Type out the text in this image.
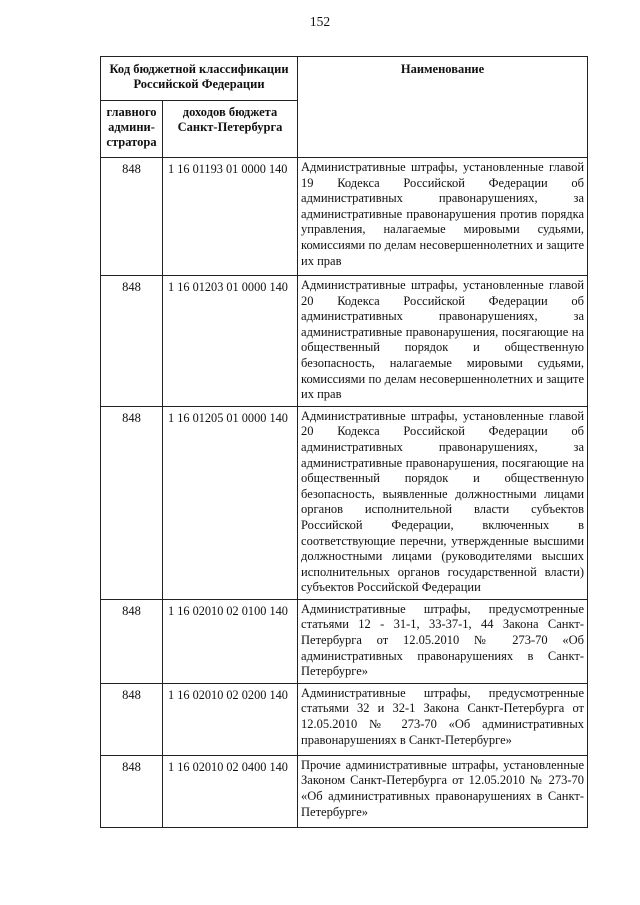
152
Код бюджетной классификации Российской Федерации		Наименование
главного админи-стратора	доходов бюджета Санкт-Петербурга	
848	1 16 01193 01 0000 140	Административные штрафы, установленные главой 19 Кодекса Российской Федерации об административных правонарушениях, за административные правонарушения против порядка управления, налагаемые мировыми судьями, комиссиями по делам несовершеннолетних и защите их прав
848	1 16 01203 01 0000 140	Административные штрафы, установленные главой 20 Кодекса Российской Федерации об административных правонарушениях, за административные правонарушения, посягающие на общественный порядок и общественную безопасность, налагаемые мировыми судьями, комиссиями по делам несовершеннолетних и защите их прав
848	1 16 01205 01 0000 140	Административные штрафы, установленные главой 20 Кодекса Российской Федерации об административных правонарушениях, за административные правонарушения, посягающие на общественный порядок и общественную безопасность, выявленные должностными лицами органов исполнительной власти субъектов Российской Федерации, включенных в соответствующие перечни, утвержденные высшими должностными лицами (руководителями высших исполнительных органов государственной власти) субъектов Российской Федерации
848	1 16 02010 02 0100 140	Административные штрафы, предусмотренные статьями 12 - 31-1, 33-37-1, 44 Закона Санкт-Петербурга от 12.05.2010 № 273-70 «Об административных правонарушениях в Санкт-Петербурге»
848	1 16 02010 02 0200 140	Административные штрафы, предусмотренные статьями 32 и 32-1 Закона Санкт-Петербурга от 12.05.2010 № 273-70 «Об административных правонарушениях в Санкт-Петербурге»
848	1 16 02010 02 0400 140	Прочие административные штрафы, установленные Законом Санкт-Петербурга от 12.05.2010 № 273-70 «Об административных правонарушениях в Санкт-Петербурге»
